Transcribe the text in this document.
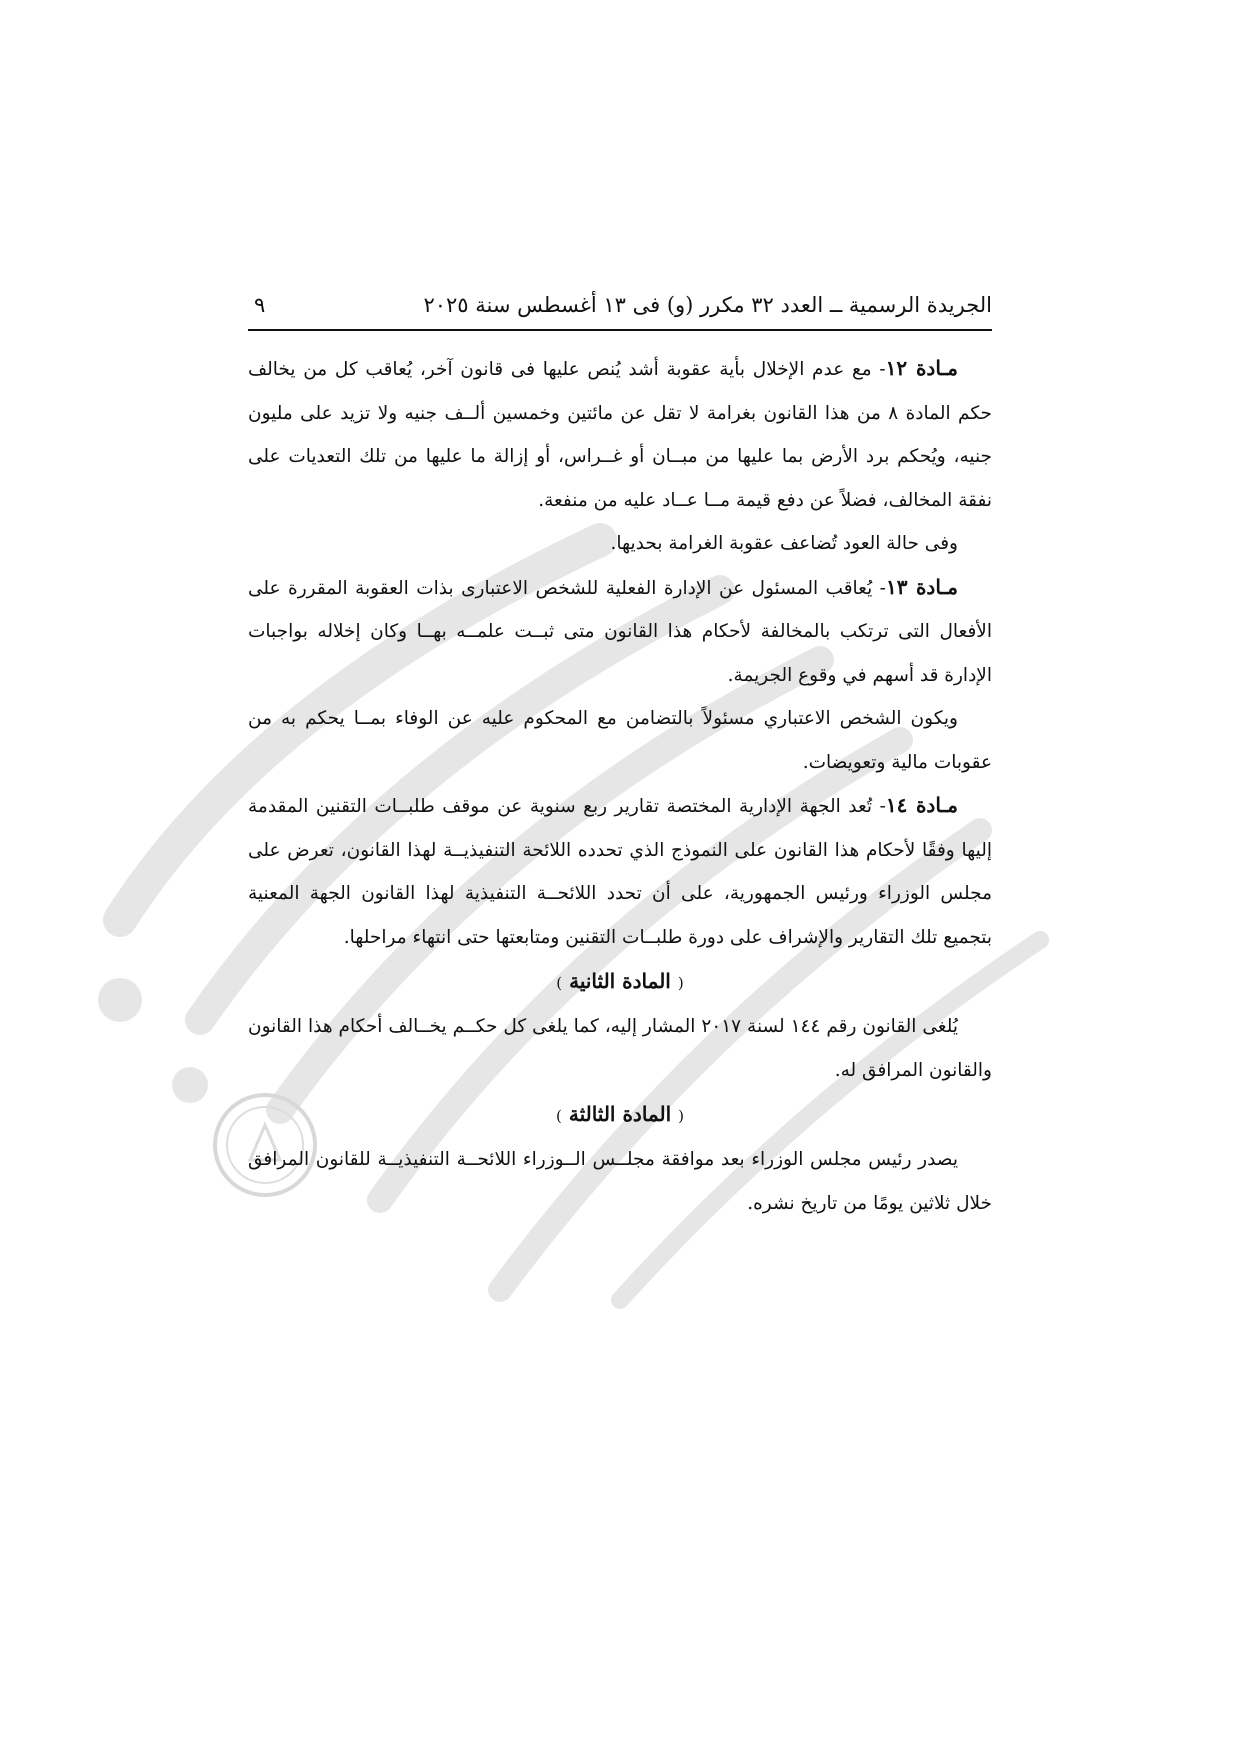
الجريدة الرسمية ــ العدد ٣٢ مكرر (و) فى ١٣ أغسطس سنة ٢٠٢٥
٩

مـادة ١٢- مع عدم الإخلال بأية عقوبة أشد يُنص عليها فى قانون آخر، يُعاقب كل من يخالف حكم المادة ٨ من هذا القانون بغرامة لا تقل عن مائتين وخمسين ألــف جنيه ولا تزيد على مليون جنيه، ويُحكم برد الأرض بما عليها من مبــان أو غــراس، أو إزالة ما عليها من تلك التعديات على نفقة المخالف، فضلاً عن دفع قيمة مــا عــاد عليه من منفعة.

وفى حالة العود تُضاعف عقوبة الغرامة بحديها.

مـادة ١٣- يُعاقب المسئول عن الإدارة الفعلية للشخص الاعتبارى بذات العقوبة المقررة على الأفعال التى ترتكب بالمخالفة لأحكام هذا القانون متى ثبــت علمــه بهــا وكان إخلاله بواجبات الإدارة قد أسهم في وقوع الجريمة.

ويكون الشخص الاعتباري مسئولاً بالتضامن مع المحكوم عليه عن الوفاء بمــا يحكم به من عقوبات مالية وتعويضات.

مـادة ١٤- تُعد الجهة الإدارية المختصة تقارير ربع سنوية عن موقف طلبــات التقنين المقدمة إليها وفقًا لأحكام هذا القانون على النموذج الذي تحدده اللائحة التنفيذيــة لهذا القانون، تعرض على مجلس الوزراء ورئيس الجمهورية، على أن تحدد اللائحــة التنفيذية لهذا القانون الجهة المعنية بتجميع تلك التقارير والإشراف على دورة طلبــات التقنين ومتابعتها حتى انتهاء مراحلها.

( المادة الثانية )

يُلغى القانون رقم ١٤٤ لسنة ٢٠١٧ المشار إليه، كما يلغى كل حكــم يخــالف أحكام هذا القانون والقانون المرافق له.

( المادة الثالثة )

يصدر رئيس مجلس الوزراء بعد موافقة مجلــس الــوزراء اللائحــة التنفيذيــة للقانون المرافق خلال ثلاثين يومًا من تاريخ نشره.
